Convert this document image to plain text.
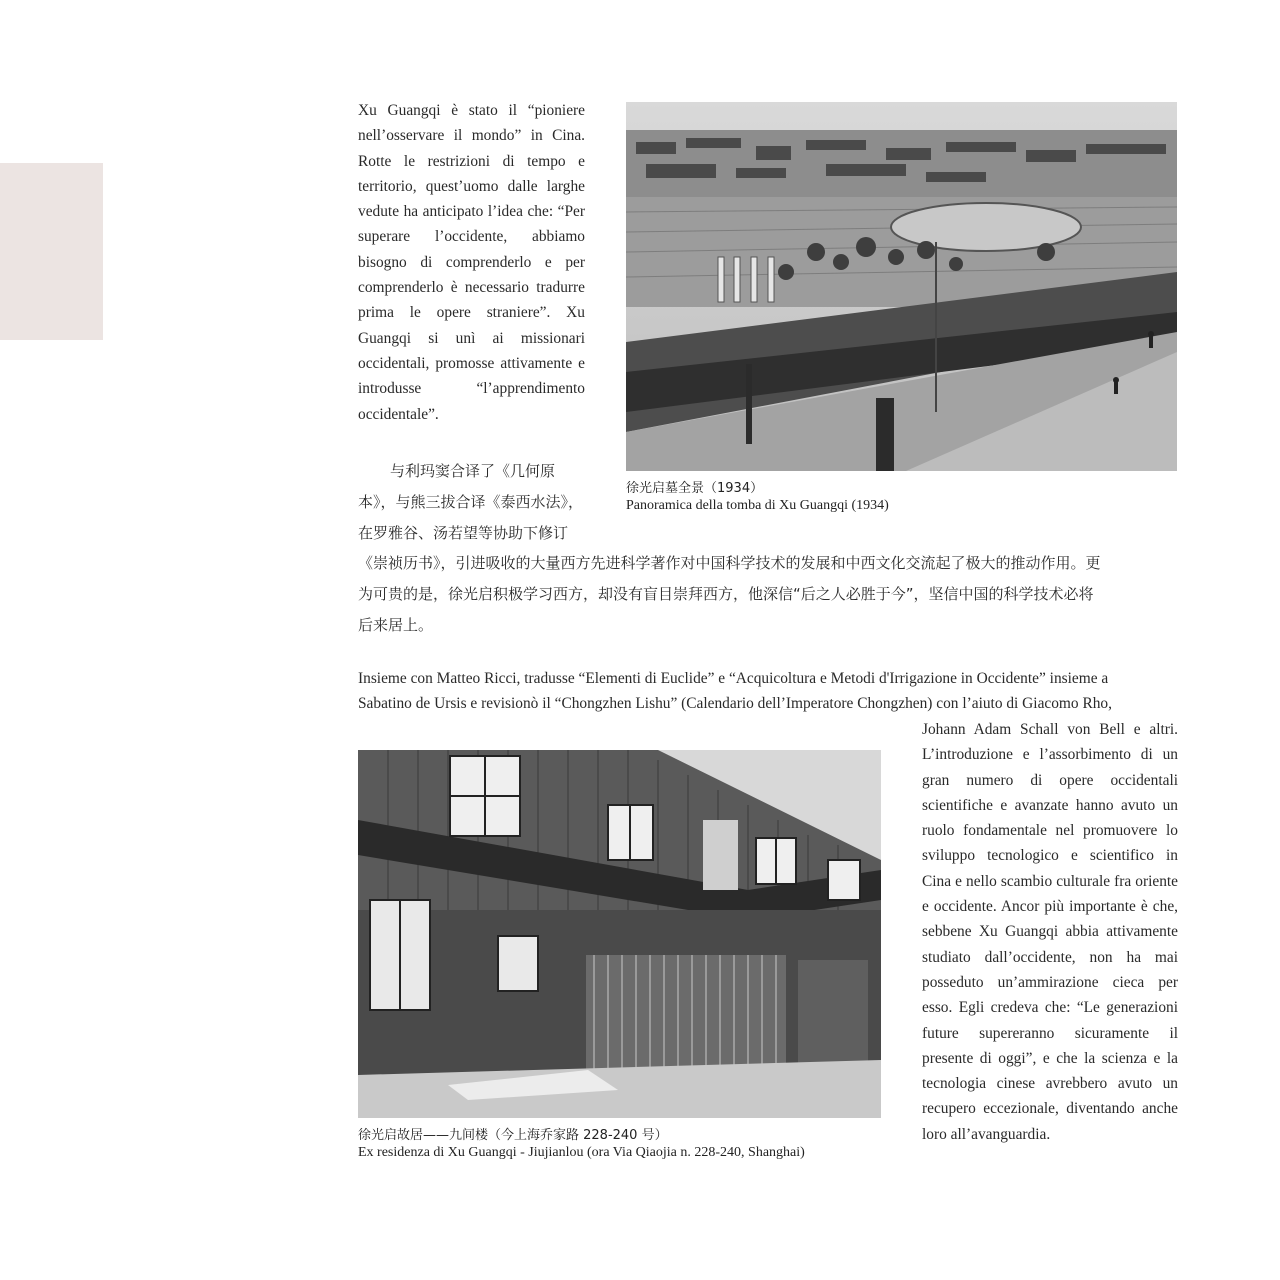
Xu Guangqi è stato il “pioniere nell’osservare il mondo” in Cina. Rotte le restrizioni di tempo e territorio, quest’uomo dalle larghe vedute ha anticipato l’idea che: “Per superare l’occidente, abbiamo bisogno di comprenderlo e per comprenderlo è necessario tradurre prima le opere straniere”. Xu Guangqi si unì ai missionari occidentali, promosse attivamente e introdusse “l’apprendimento occidentale”.

徐光启墓全景（1934）
Panoramica della tomba di Xu Guangqi (1934)
与利玛窦合译了《几何原
本》，与熊三拔合译《泰西水法》，
在罗雅谷、汤若望等协助下修订
《崇祯历书》，引进吸收的大量西方先进科学著作对中国科学技术的发展和中西文化交流起了极大的推动作用。更
为可贵的是，徐光启积极学习西方，却没有盲目崇拜西方，他深信“后之人必胜于今”，坚信中国的科学技术必将
后来居上。
Insieme con Matteo Ricci, tradusse “Elementi di Euclide” e “Acquicoltura e Metodi d'Irrigazione in Occidente” insieme a
Sabatino de Ursis e revisionò il “Chongzhen Lishu” (Calendario dell’Imperatore Chongzhen) con l’aiuto di Giacomo Rho,
徐光启故居——九间楼（今上海乔家路 228-240 号）
Ex residenza di Xu Guangqi - Jiujianlou (ora Via Qiaojia n. 228-240, Shanghai)

Johann Adam Schall von Bell e altri. L’introduzione e l’assorbimento di un gran numero di opere occidentali scientifiche e avanzate hanno avuto un ruolo fondamentale nel promuovere lo sviluppo tecnologico e scientifico in Cina e nello scambio culturale fra oriente e occidente. Ancor più importante è che, sebbene Xu Guangqi abbia attivamente studiato dall’occidente, non ha mai posseduto un’ammirazione cieca per esso. Egli credeva che: “Le generazioni future supereranno sicuramente il presente di oggi”, e che la scienza e la tecnologia cinese avrebbero avuto un recupero eccezionale, diventando anche loro all’avanguardia.
